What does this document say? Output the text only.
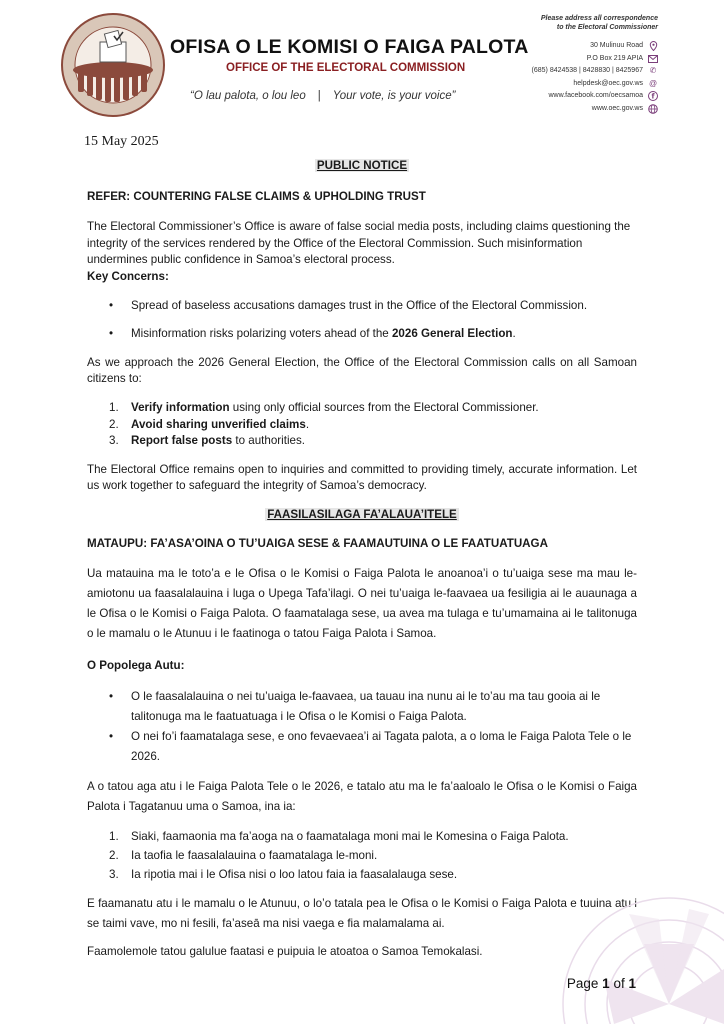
OFISA O LE KOMISI O FAIGA PALOTA
OFFICE OF THE ELECTORAL COMMISSION
“O lau palota, o lou leo | Your vote, is your voice”
Please address all correspondence
to the Electoral Commissioner
30 Mulinuu Road
P.O Box 219 APIA
(685) 8424538 | 8428830 | 8425967 ✆
helpdesk@oec.gov.ws @
www.facebook.com/oecsamoa f
www.oec.gov.ws
15 May 2025

PUBLIC NOTICE

REFER: COUNTERING FALSE CLAIMS & UPHOLDING TRUST

The Electoral Commissioner’s Office is aware of false social media posts, including claims questioning the integrity of the services rendered by the Office of the Electoral Commission. Such misinformation undermines public confidence in Samoa’s electoral process.

Key Concerns:

• Spread of baseless accusations damages trust in the Office of the Electoral Commission.
• Misinformation risks polarizing voters ahead of the 2026 General Election.

As we approach the 2026 General Election, the Office of the Electoral Commission calls on all Samoan citizens to:

1. Verify information using only official sources from the Electoral Commissioner.
2. Avoid sharing unverified claims.
3. Report false posts to authorities.

The Electoral Office remains open to inquiries and committed to providing timely, accurate information. Let us work together to safeguard the integrity of Samoa’s democracy.

FAASILASILAGA FA’ALAUA’ITELE

MATAUPU: FA’ASA’OINA O TU’UAIGA SESE & FAAMAUTUINA O LE FAATUATUAGA

Ua matauina ma le toto’a e le Ofisa o le Komisi o Faiga Palota le anoanoa’i o tu’uaiga sese ma mau le-amiotonu ua faasalalauina i luga o Upega Tafa’ilagi. O nei tu’uaiga le-faavaea ua fesiligia ai le auaunaga a le Ofisa o le Komisi o Faiga Palota. O faamatalaga sese, ua avea ma tulaga e tu’umamaina ai le talitonuga o le mamalu o le Atunuu i le faatinoga o tatou Faiga Palota i Samoa.

O Popolega Autu:

• O le faasalalauina o nei tu’uaiga le-faavaea, ua tauau ina nunu ai le to’au ma tau gooia ai le talitonuga ma le faatuatuaga i le Ofisa o le Komisi o Faiga Palota.
• O nei fo’i faamatalaga sese, e ono fevaevaea’i ai Tagata palota, a o loma le Faiga Palota Tele o le 2026.

A o tatou aga atu i le Faiga Palota Tele o le 2026, e tatalo atu ma le fa’aaloalo le Ofisa o le Komisi o Faiga Palota i Tagatanuu uma o Samoa, ina ia:

1. Siaki, faamaonia ma fa’aoga na o faamatalaga moni mai le Komesina o Faiga Palota.
2. Ia taofia le faasalalauina o faamatalaga le-moni.
3. Ia ripotia mai i le Ofisa nisi o loo latou faia ia faasalalauga sese.

E faamanatu atu i le mamalu o le Atunuu, o lo’o tatala pea le Ofisa o le Komisi o Faiga Palota e tuuina atu i se taimi vave, mo ni fesili, fa’aseā ma nisi vaega e fia malamalama ai.

Faamolemole tatou galulue faatasi e puipuia le atoatoa o Samoa Temokalasi.

Page 1 of 1
